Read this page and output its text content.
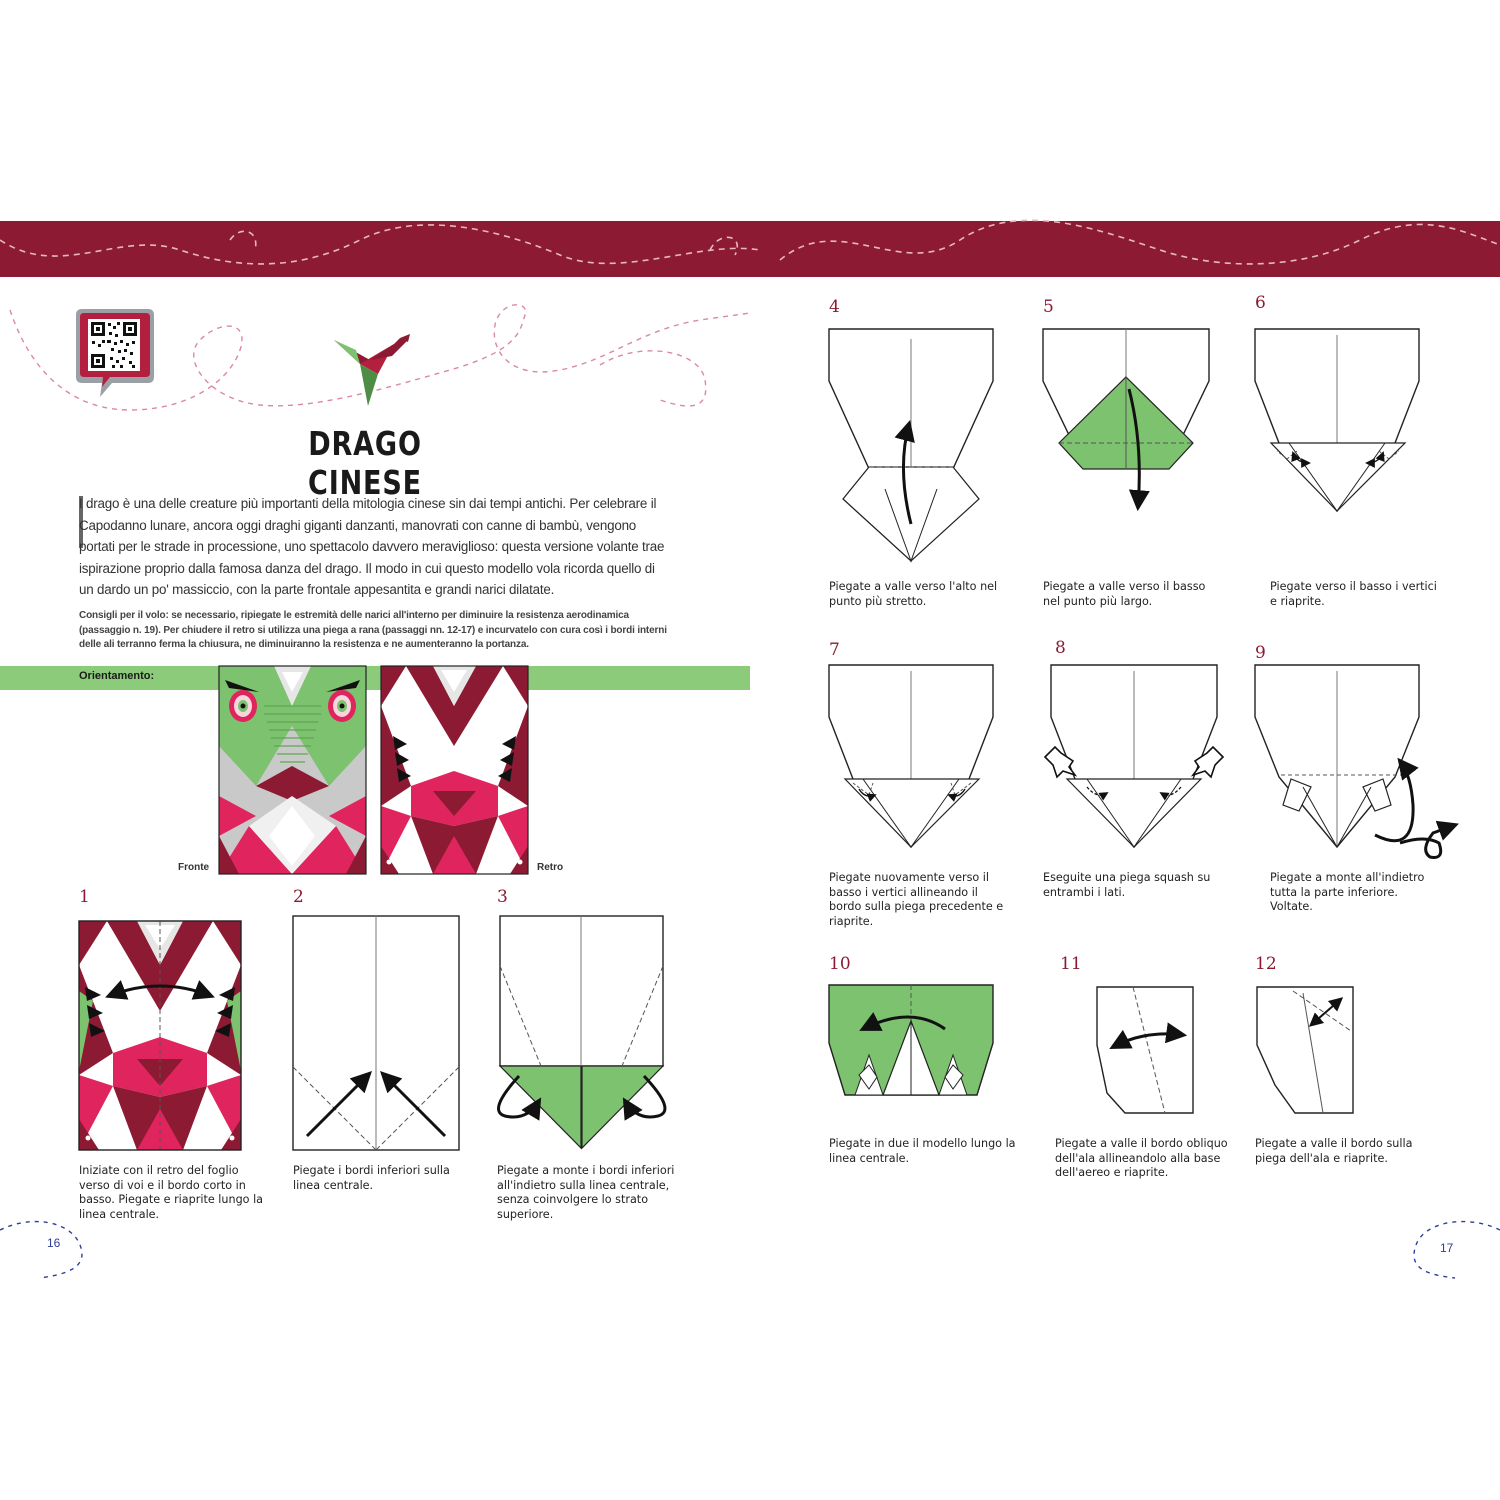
DRAGO CINESE
I drago è una delle creature più importanti della mitologia cinese sin dai tempi antichi. Per celebrare il Capodanno lunare, ancora oggi draghi giganti danzanti, manovrati con canne di bambù, vengono portati per le strade in processione, uno spettacolo davvero meraviglioso: questa versione volante trae ispirazione proprio dalla famosa danza del drago. Il modo in cui questo modello vola ricorda quello di un dardo un po' massiccio, con la parte frontale appesantita e grandi narici dilatate.
Consigli per il volo: se necessario, ripiegate le estremità delle narici all'interno per diminuire la resistenza aerodinamica (passaggio n. 19). Per chiudere il retro si utilizza una piega a rana (passaggi nn. 12-17) e incurvatelo con cura così i bordi interni delle ali terranno ferma la chiusura, ne diminuiranno la resistenza e ne aumenteranno la portanza.
Orientamento:
Fronte	Retro
1
Iniziate con il retro del foglio verso di voi e il bordo corto in basso. Piegate e riaprite lungo la linea centrale.
2
Piegate i bordi inferiori sulla linea centrale.
3
Piegate a monte i bordi inferiori all'indietro sulla linea centrale, senza coinvolgere lo strato superiore.
4
Piegate a valle verso l'alto nel punto più stretto.
5
Piegate a valle verso il basso nel punto più largo.
6
Piegate verso il basso i vertici e riaprite.
7
Piegate nuovamente verso il basso i vertici allineando il bordo sulla piega precedente e riaprite.
8
Eseguite una piega squash su entrambi i lati.
9
Piegate a monte all'indietro tutta la parte inferiore. Voltate.
10
Piegate in due il modello lungo la linea centrale.
11
Piegate a valle il bordo obliquo dell'ala allineandolo alla base dell'aereo e riaprite.
12
Piegate a valle il bordo sulla piega dell'ala e riaprite.
16	17
